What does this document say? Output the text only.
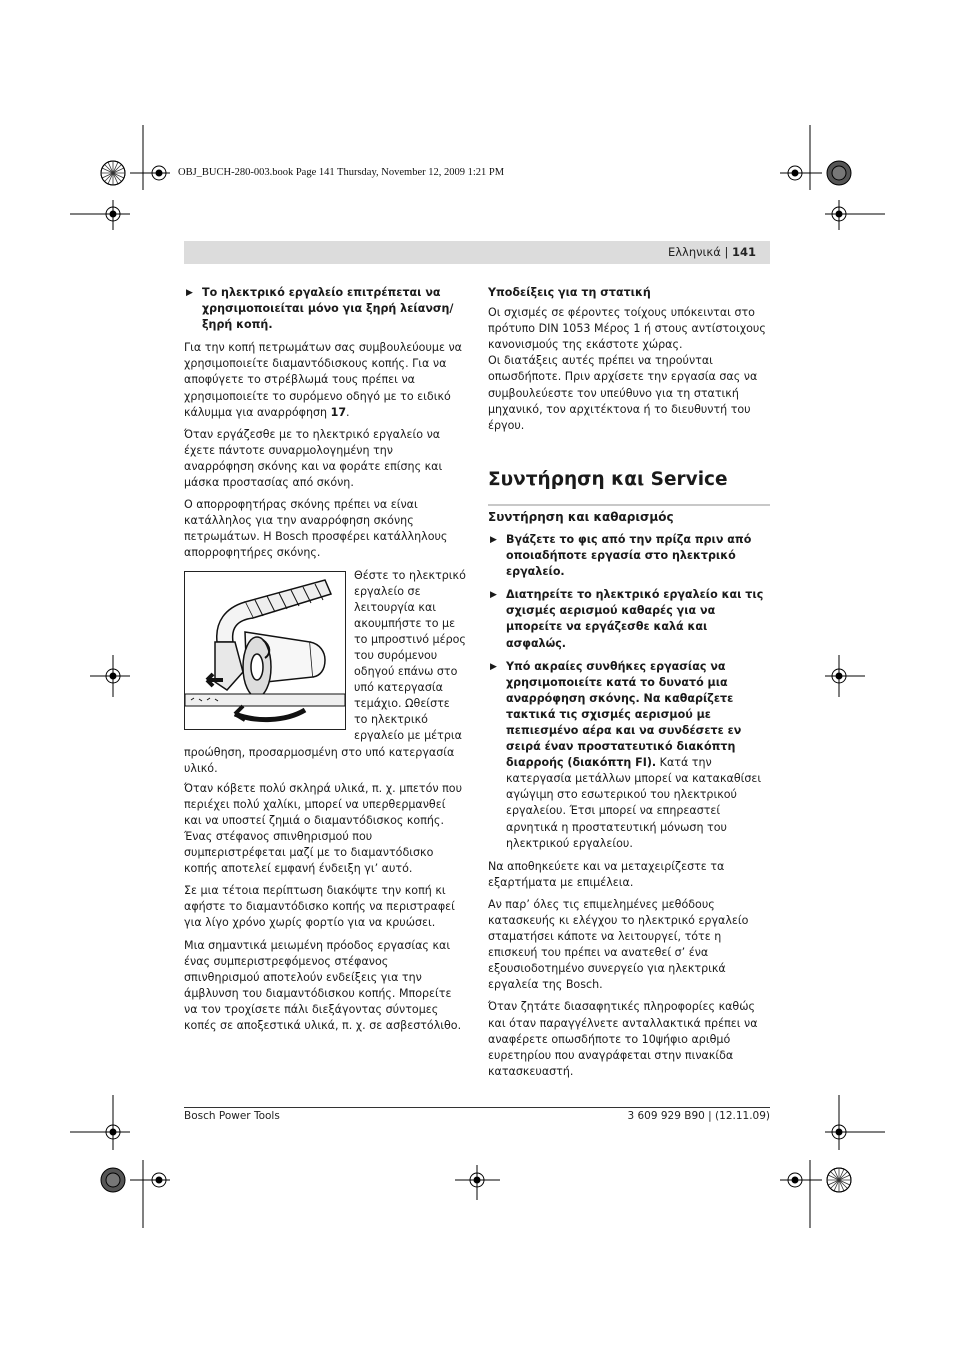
OBJ_BUCH-280-003.book Page 141 Thursday, November 12, 2009 1:21 PM
Ελληνικά | 141
▶ Το ηλεκτρικό εργαλείο επιτρέπεται να χρησιμοποιείται μόνο για ξηρή λείανση/ξηρή κοπή.

Για την κοπή πετρωμάτων σας συμβουλεύουμε να χρησιμοποιείτε διαμαντόδισκους κοπής. Για να αποφύγετε το στρέβλωμά τους πρέπει να χρησιμοποιείτε το συρόμενο οδηγό με το ειδικό κάλυμμα για αναρρόφηση 17.

Όταν εργάζεσθε με το ηλεκτρικό εργαλείο να έχετε πάντοτε συναρμολογημένη την αναρρόφηση σκόνης και να φοράτε επίσης και μάσκα προστασίας από σκόνη.

Ο απορροφητήρας σκόνης πρέπει να είναι κατάλληλος για την αναρρόφηση σκόνης πετρωμάτων. Η Bosch προσφέρει κατάλληλους απορροφητήρες σκόνης.

Θέστε το ηλεκτρικό εργαλείο σε λειτουργία και ακουμπήστε το με το μπροστινό μέρος του συρόμενου οδηγού επάνω στο υπό κατεργασία τεμάχιο. Ωθείστε το ηλεκτρικό εργαλείο με μέτρια προώθηση, προσαρμοσμένη στο υπό κατεργασία υλικό.

Όταν κόβετε πολύ σκληρά υλικά, π. χ. μπετόν που περιέχει πολύ χαλίκι, μπορεί να υπερθερμανθεί και να υποστεί ζημιά ο διαμαντόδισκος κοπής. Ένας στέφανος σπινθηρισμού που συμπεριστρέφεται μαζί με το διαμαντόδισκο κοπής αποτελεί εμφανή ένδειξη γι’ αυτό.

Σε μια τέτοια περίπτωση διακόψτε την κοπή κι αφήστε το διαμαντόδισκο κοπής να περιστραφεί για λίγο χρόνο χωρίς φορτίο για να κρυώσει.

Μια σημαντικά μειωμένη πρόοδος εργασίας και ένας συμπεριστρεφόμενος στέφανος σπινθηρισμού αποτελούν ενδείξεις για την άμβλυνση του διαμαντόδισκου κοπής. Μπορείτε να τον τροχίσετε πάλι διεξάγοντας σύντομες κοπές σε αποξεστικά υλικά, π. χ. σε ασβεστόλιθο.

Υποδείξεις για τη στατική

Οι σχισμές σε φέροντες τοίχους υπόκεινται στο πρότυπο DIN 1053 Μέρος 1 ή στους αντίστοιχους κανονισμούς της εκάστοτε χώρας.

Οι διατάξεις αυτές πρέπει να τηρούνται οπωσδήποτε. Πριν αρχίσετε την εργασία σας να συμβουλεύεστε τον υπεύθυνο για τη στατική μηχανικό, τον αρχιτέκτονα ή το διευθυντή του έργου.

Συντήρηση και Service
Συντήρηση και καθαρισμός
▶ Βγάζετε το φις από την πρίζα πριν από οποιαδήποτε εργασία στο ηλεκτρικό εργαλείο.
▶ Διατηρείτε το ηλεκτρικό εργαλείο και τις σχισμές αερισμού καθαρές για να μπορείτε να εργάζεσθε καλά και ασφαλώς.
▶ Υπό ακραίες συνθήκες εργασίας να χρησιμοποιείτε κατά το δυνατό μια αναρρόφηση σκόνης. Να καθαρίζετε τακτικά τις σχισμές αερισμού με πεπιεσμένο αέρα και να συνδέσετε εν σειρά έναν προστατευτικό διακόπτη διαρροής (διακόπτη FI). Κατά την κατεργασία μετάλλων μπορεί να κατακαθίσει αγώγιμη στο εσωτερικού του ηλεκτρικού εργαλείου. Έτσι μπορεί να επηρεαστεί αρνητικά η προστατευτική μόνωση του ηλεκτρικού εργαλείου.

Να αποθηκεύετε και να μεταχειρίζεστε τα εξαρτήματα με επιμέλεια.

Αν παρ’ όλες τις επιμελημένες μεθόδους κατασκευής κι ελέγχου το ηλεκτρικό εργαλείο σταματήσει κάποτε να λειτουργεί, τότε η επισκευή του πρέπει να ανατεθεί σ’ ένα εξουσιοδοτημένο συνεργείο για ηλεκτρικά εργαλεία της Bosch.

Όταν ζητάτε διασαφητικές πληροφορίες καθώς και όταν παραγγέλνετε ανταλλακτικά πρέπει να αναφέρετε οπωσδήποτε το 10ψήφιο αριθμό ευρετηρίου που αναγράφεται στην πινακίδα κατασκευαστή.

Bosch Power Tools	3 609 929 B90 | (12.11.09)
